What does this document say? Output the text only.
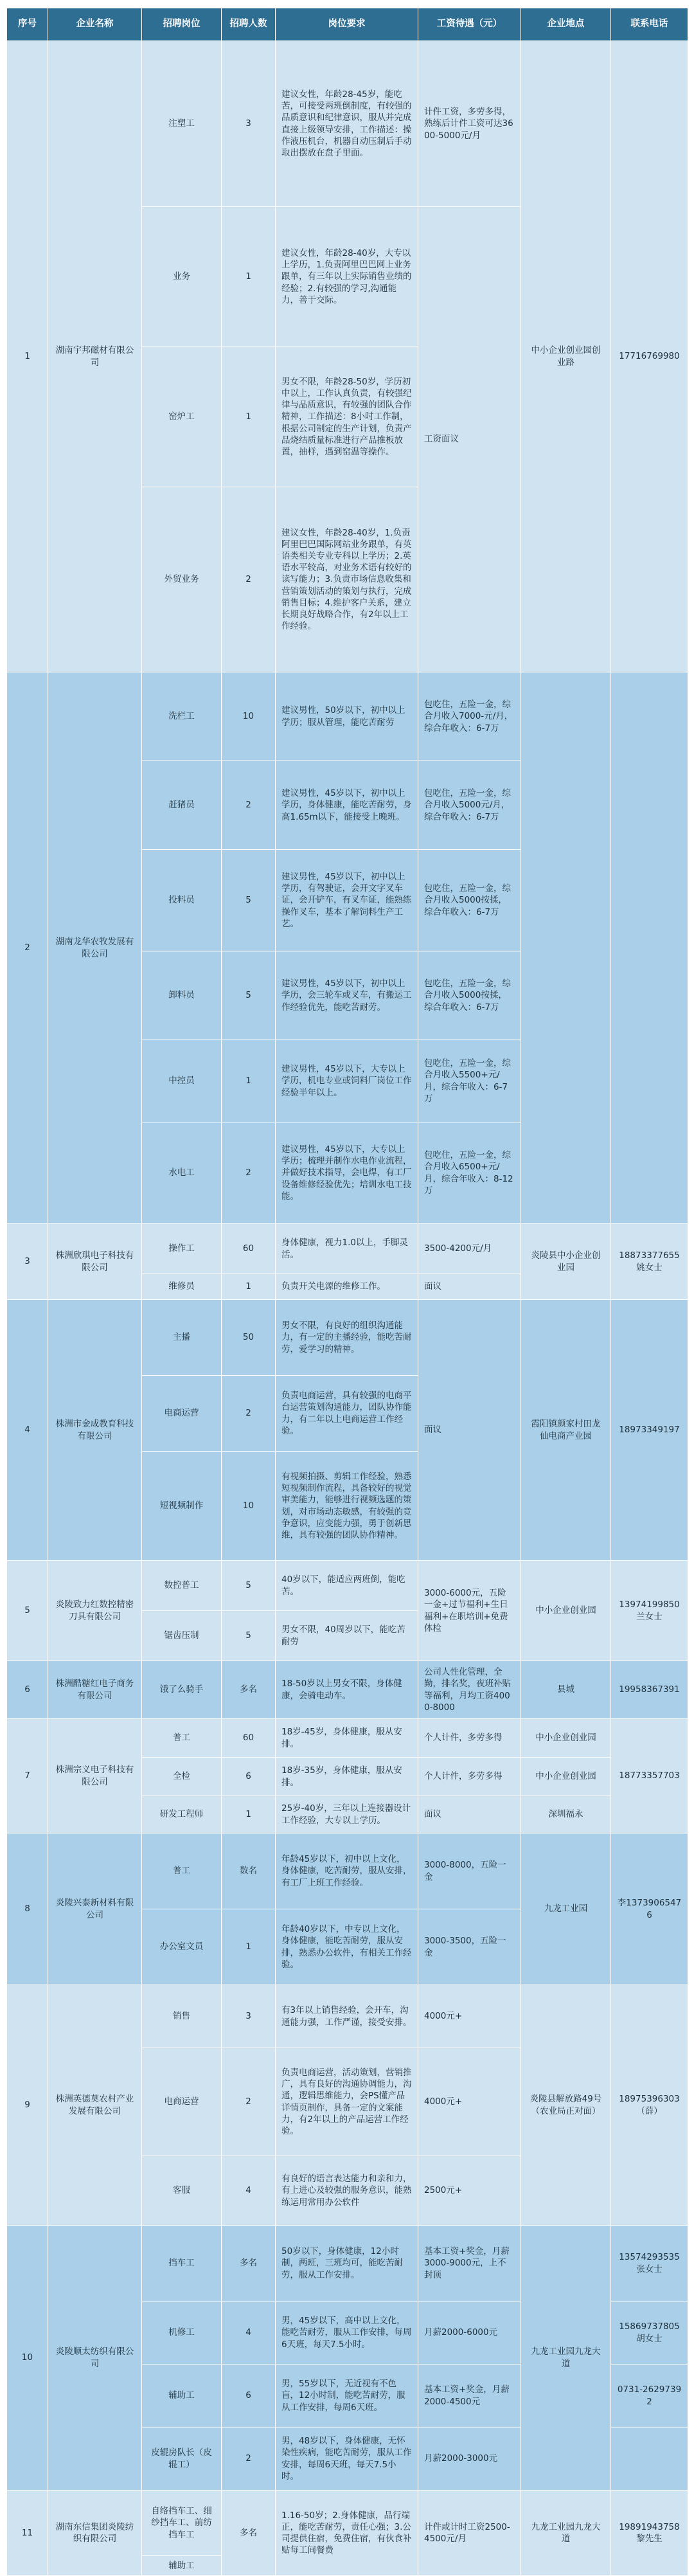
序号	企业名称	招聘岗位	招聘人数	岗位要求	工资待遇（元）	企业地点	联系电话
1	湖南宇邦磁材有限公司	注塑工	3	建议女性，年龄28-45岁，能吃苦，可接受两班倒制度，有较强的品质意识和纪律意识，服从并完成直接上级领导安排，工作描述：操作液压机台，机器自动压制后手动取出摆放在盘子里面。	计件工资，多劳多得，熟练后计件工资可达3600-5000元/月	中小企业创业园创业路	17716769980
		业务	1	建议女性，年龄28-40岁，大专以上学历，1.负责阿里巴巴网上业务跟单，有三年以上实际销售业绩的经验；2.有较强的学习,沟通能力，善于交际。	工资面议		
		窑炉工	1	男女不限，年龄28-50岁，学历初中以上，工作认真负责，有较强纪律与品质意识，有较强的团队合作精神，工作描述：8小时工作制，根据公司制定的生产计划，负责产品烧结质量标准进行产品推板放置，抽样，遇到窑温等操作。			
		外贸业务	2	建议女性，年龄28-40岁，1.负责阿里巴巴国际网站业务跟单，有英语类相关专业专科以上学历；2.英语水平较高，对业务术语有较好的读写能力；3.负责市场信息收集和营销策划活动的策划与执行，完成销售目标；4.维护客户关系，建立长期良好战略合作，有2年以上工作经验。			
2	湖南龙华农牧发展有限公司	洗栏工	10	建议男性，50岁以下，初中以上学历；服从管理，能吃苦耐劳	包吃住，五险一金，综合月收入7000-元/月，综合年收入：6-7万		
		赶猪员	2	建议男性，45岁以下，初中以上学历，身体健康，能吃苦耐劳，身高1.65m以下，能接受上晚班。	包吃住，五险一金，综合月收入5000元/月，综合年收入：6-7万		
		投料员	5	建议男性，45岁以下，初中以上学历，有驾驶证，会开文字叉车证，会开铲车，有叉车证，能熟练操作叉车，基本了解饲料生产工艺。	包吃住，五险一金，综合月收入5000按揉，综合年收入：6-7万		
		卸料员	5	建议男性，45岁以下，初中以上学历，会三轮车或叉车，有搬运工作经验优先，能吃苦耐劳。	包吃住，五险一金，综合月收入5000按揉，综合年收入：6-7万		
		中控员	1	建议男性，45岁以下，大专以上学历，机电专业或饲料厂岗位工作经验半年以上。	包吃住，五险一金，综合月收入5500+元/月，综合年收入：6-7万		
		水电工	2	建议男性，45岁以下，大专以上学历；梳理并制作水电作业流程，并做好技术指导，会电焊，有工厂设备维修经验优先；培训水电工技能。	包吃住，五险一金，综合月收入6500+元/月，综合年收入：8-12万		
3	株洲欣琪电子科技有限公司	操作工	60	身体健康，视力1.0以上，手脚灵活。	3500-4200元/月	炎陵县中小企业创业园	18873377655 姚女士
		维修员	1	负责开关电源的维修工作。	面议		
4	株洲市金成教育科技有限公司	主播	50	男女不限，有良好的组织沟通能力，有一定的主播经验，能吃苦耐劳，爱学习的精神。	面议	霞阳镇颜家村田龙仙电商产业园	18973349197
		电商运营	2	负责电商运营，具有较强的电商平台运营策划沟通能力，团队协作能力，有二年以上电商运营工作经验。			
		短视频制作	10	有视频拍摄、剪辑工作经验，熟悉短视频制作流程，具备较好的视觉审美能力，能够进行视频选题的策划，对市场动态敏感，有较强的竞争意识，应变能力强，勇于创新思维，具有较强的团队协作精神。			
5	炎陵致力红数控精密刀具有限公司	数控普工	5	40岁以下，能适应两班倒，能吃苦。	3000-6000元，五险一金+过节福利+生日福利+在职培训+免费体检	中小企业创业园	13974199850 兰女士
		锯齿压制	5	男女不限，40周岁以下，能吃苦耐劳			
6	株洲酷糖红电子商务有限公司	饿了么骑手	多名	18-50岁以上男女不限，身体健康，会骑电动车。	公司人性化管理，全勤，排名奖，夜班补贴等福利，月均工资4000-8000	县城	19958367391
7	株洲宗义电子科技有限公司	普工	60	18岁-45岁，身体健康，服从安排。	个人计件，多劳多得	中小企业创业园	18773357703
		全检	6	18岁-35岁，身体健康，服从安排。	个人计件，多劳多得	中小企业创业园	
		研发工程师	1	25岁-40岁，三年以上连接器设计工作经验，大专以上学历。	面议	深圳福永	
8	炎陵兴泰新材料有限公司	普工	数名	年龄45岁以下，初中以上文化，身体健康，吃苦耐劳，服从安排，有工厂上班工作经验。	3000-8000，五险一金	九龙工业园	李13739065476
		办公室文员	1	年龄40岁以下，中专以上文化，身体健康，能吃苦耐劳，服从安排，熟悉办公软件，有相关工作经验。	3000-3500，五险一金		
9	株洲英德莫农村产业发展有限公司	销售	3	有3年以上销售经验，会开车，沟通能力强，工作严谨，接受安排。	4000元+	炎陵县解放路49号（农业局正对面）	18975396303（薛）
		电商运营	2	负责电商运营，活动策划，营销推广，具有良好的沟通协调能力，沟通，逻辑思维能力，会PS懂产品详情页制作，具备一定的文案能力，有2年以上的产品运营工作经验。	4000元+		
		客服	4	有良好的语言表达能力和亲和力，有上进心及较强的服务意识，能熟练运用常用办公软件	2500元+		
10	炎陵顺太纺织有限公司	挡车工	多名	50岁以下，身体健康，12小时制，两班，三班均可，能吃苦耐劳，服从工作安排。	基本工资+奖金，月薪3000-9000元，上不封顶	九龙工业园九龙大道	13574293535 张女士
		机修工	4	男，45岁以下，高中以上文化，能吃苦耐劳，服从工作安排，每周6天班，每天7.5小时。	月薪2000-6000元		15869737805 胡女士
		辅助工	6	男，55岁以下，无近视有不色盲，12小时制，能吃苦耐劳，服从工作安排，每周6天班。	基本工资+奖金，月薪2000-4500元		0731-26297392
		皮辊房队长（皮辊工）	2	男，48岁以下，身体健康，无怀染性疾病，能吃苦耐劳，服从工作安排，每周6天班，每天7.5小时。	月薪2000-3000元		
11	湖南东信集团炎陵纺织有限公司	自络挡车工、细纱挡车工、前纺挡车工	多名	1.16-50岁；2.身体健康，品行端正，能吃苦耐劳，责任心强；3.公司提供住宿，免费住宿，有伙食补贴每工间餐费	计件或计时工资2500-4500元/月	九龙工业园九龙大道	19891943758 黎先生
		辅助工					
